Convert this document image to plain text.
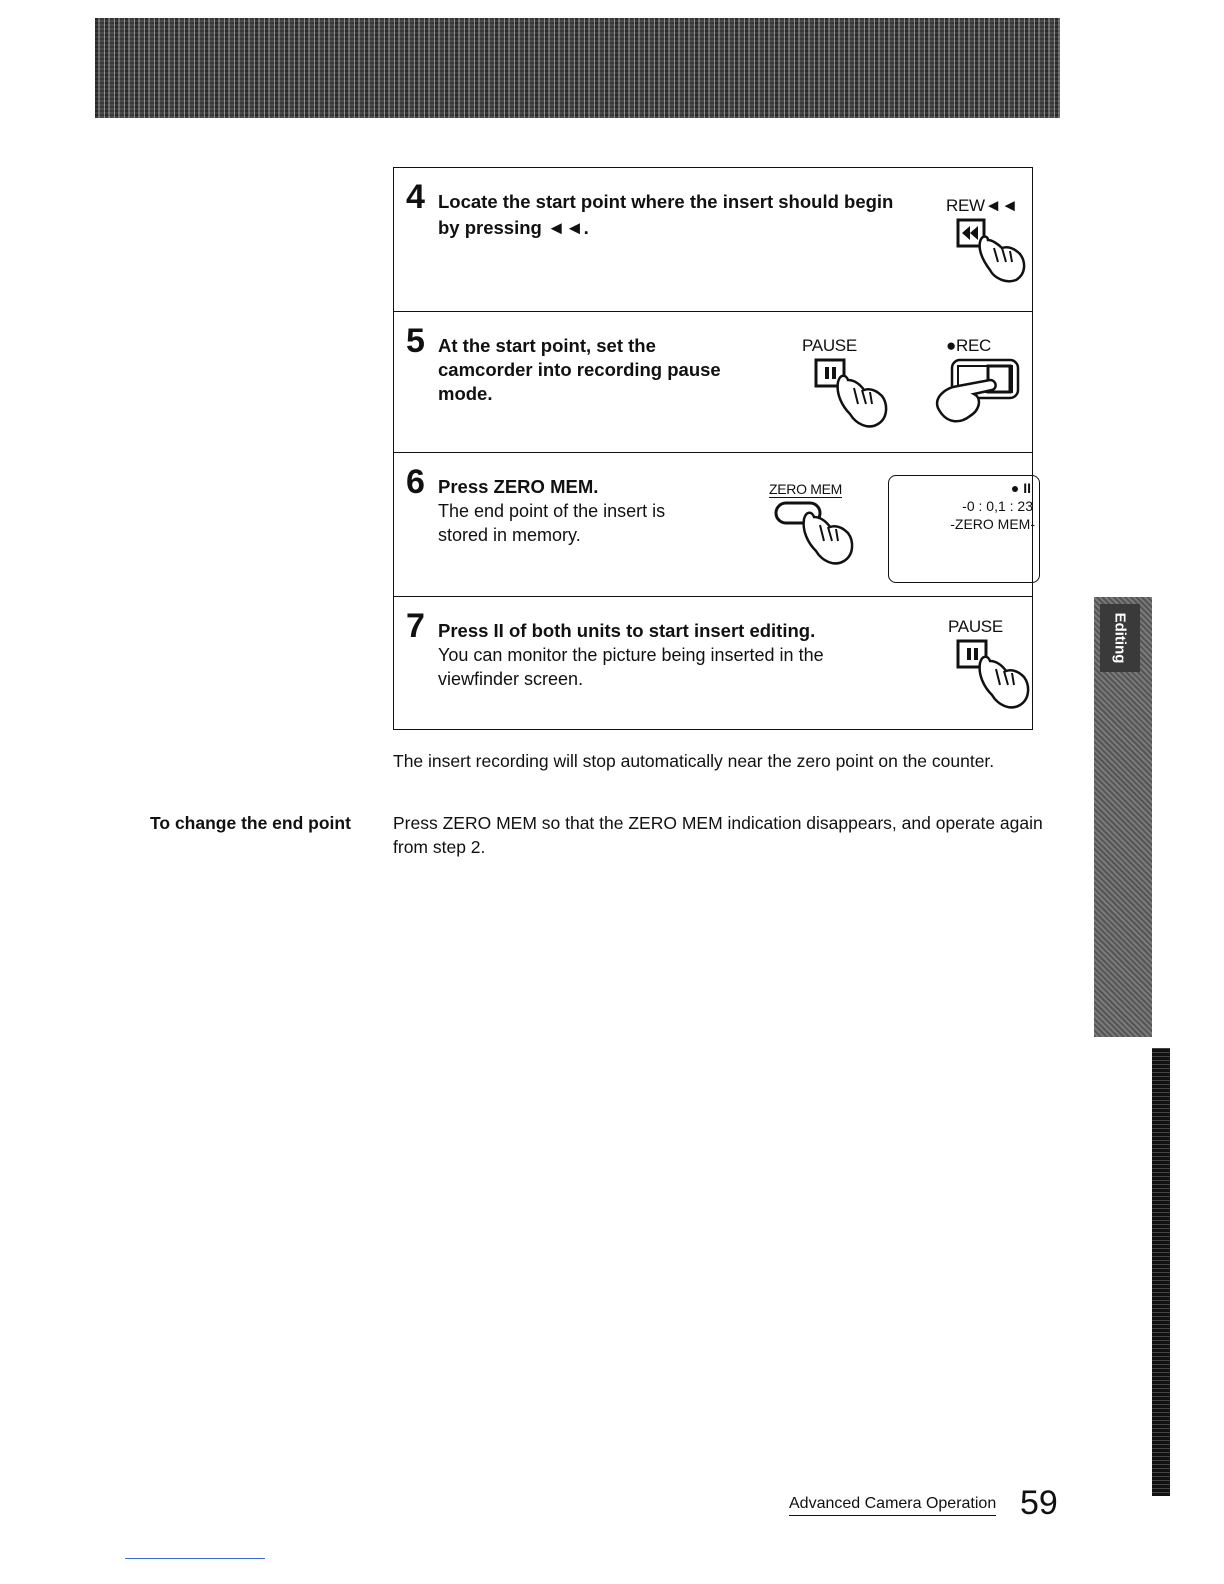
4 Locate the start point where the insert should begin
by pressing ◄◄.
REW◄◄
5 At the start point, set the
camcorder into recording pause
mode.
PAUSE	●REC
6 Press ZERO MEM.
The end point of the insert is
stored in memory.
ZERO MEM	● II
-0 : 0,1 : 23
-ZERO MEM-
7 Press II of both units to start insert editing.
You can monitor the picture being inserted in the
viewfinder screen.
PAUSE
The insert recording will stop automatically near the zero point on the counter.
To change the end point Press ZERO MEM so that the ZERO MEM indication disappears, and operate again from step 2.
Editing
Advanced Camera Operation 59
